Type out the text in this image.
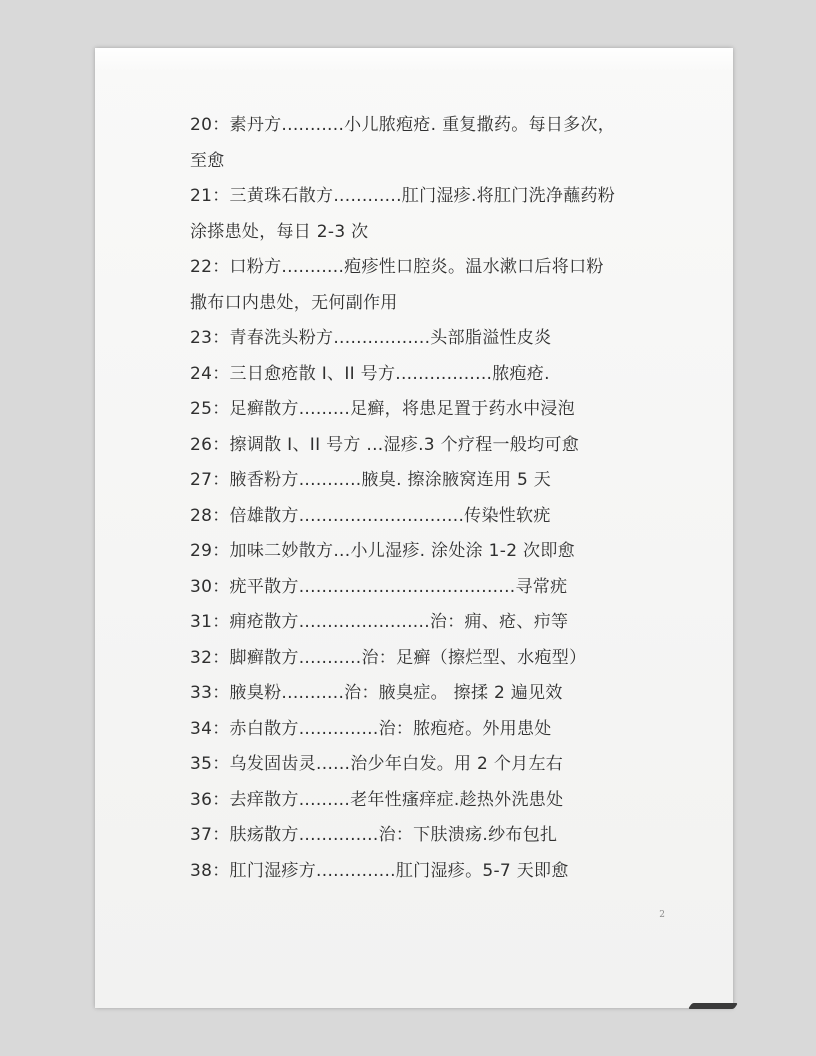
20：素丹方...........小儿脓疱疮. 重复撒药。每日多次，
至愈
21：三黄珠石散方............肛门湿疹.将肛门洗净蘸药粉
涂搽患处，每日 2-3 次
22：口粉方...........疱疹性口腔炎。温水漱口后将口粉
撒布口内患处，无何副作用
23：青春洗头粉方.................头部脂溢性皮炎
24：三日愈疮散 I、II 号方.................脓疱疮.
25：足癣散方.........足癣，将患足置于药水中浸泡
26：擦调散 I、II 号方 ...湿疹.3 个疗程一般均可愈
27：腋香粉方...........腋臭. 擦涂腋窝连用 5 天
28：倍雄散方.............................传染性软疣
29：加味二妙散方...小儿湿疹. 涂处涂 1-2 次即愈
30：疣平散方......................................寻常疣
31：痈疮散方.......................治：痈、疮、疖等
32：脚癣散方...........治：足癣（擦烂型、水疱型）
33：腋臭粉...........治：腋臭症。 擦揉 2 遍见效
34：赤白散方..............治：脓疱疮。外用患处
35：乌发固齿灵......治少年白发。用 2 个月左右
36：去痒散方.........老年性瘙痒症.趁热外洗患处
37：肤疡散方..............治：下肤溃疡.纱布包扎
38：肛门湿疹方..............肛门湿疹。5-7 天即愈
2
